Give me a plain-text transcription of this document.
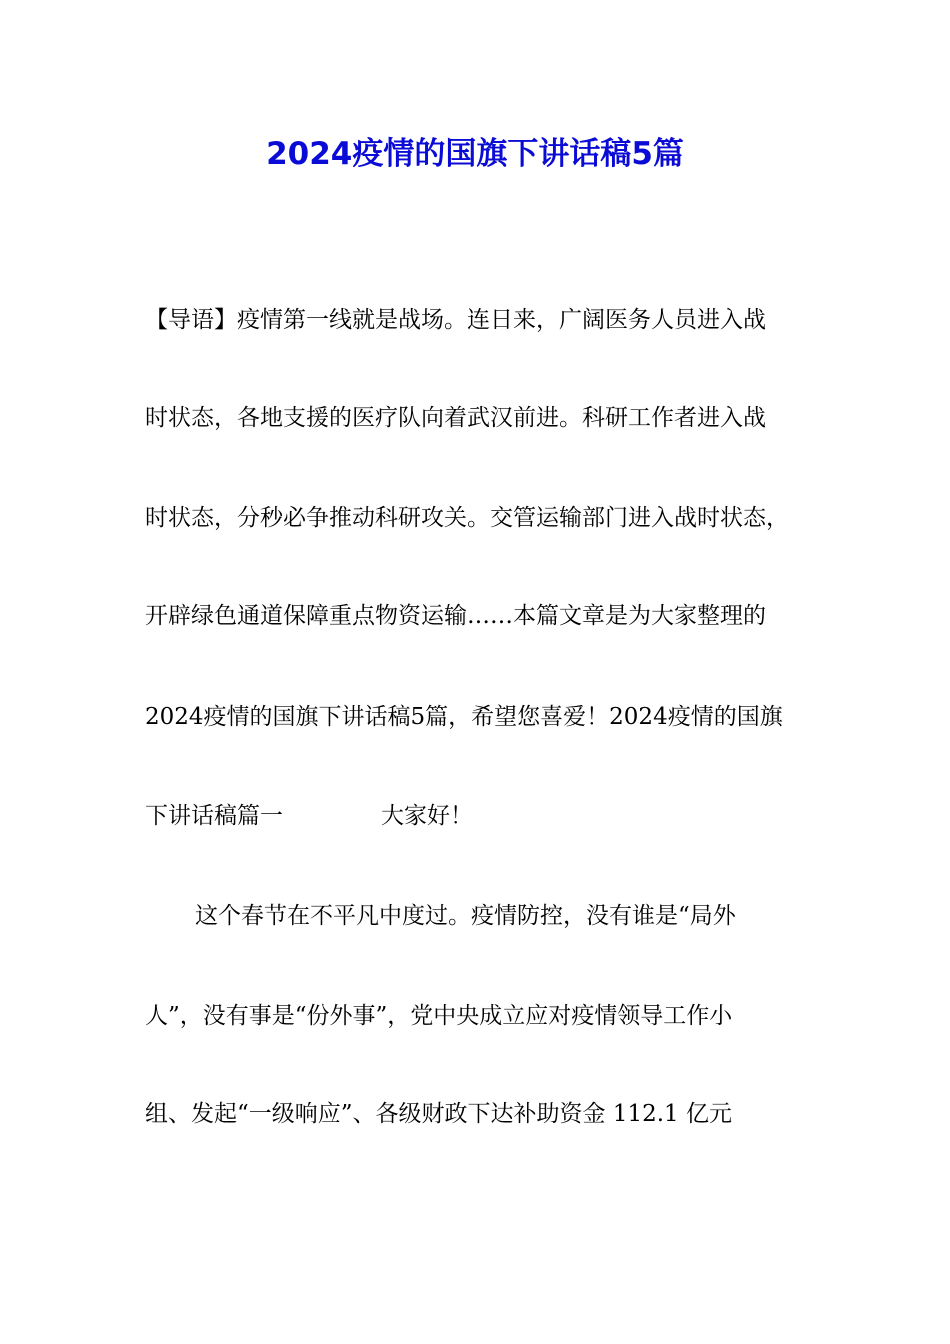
2024疫情的国旗下讲话稿5篇

【导语】疫情第一线就是战场。连日来，广阔医务人员进入战

时状态，各地支援的医疗队向着武汉前进。科研工作者进入战

时状态，分秒必争推动科研攻关。交管运输部门进入战时状态，

开辟绿色通道保障重点物资运输……本篇文章是为大家整理的

2024疫情的国旗下讲话稿5篇，希望您喜爱！2024疫情的国旗

下讲话稿篇一	大家好！

这个春节在不平凡中度过。疫情防控，没有谁是“局外

人”，没有事是“份外事”，党中央成立应对疫情领导工作小

组、发起“一级响应”、各级财政下达补助资金 112.1 亿元
